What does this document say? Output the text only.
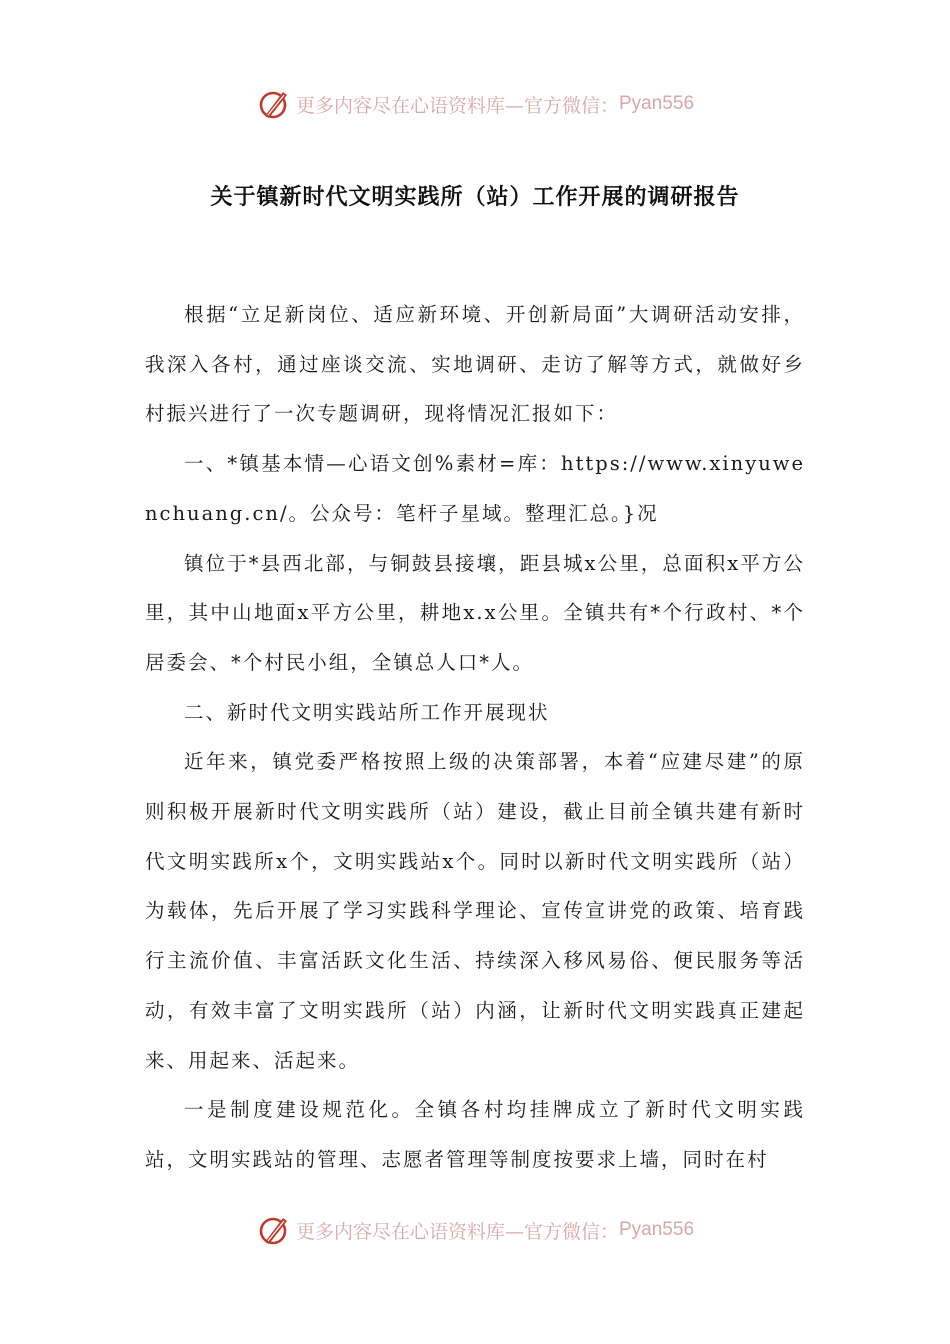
更多内容尽在心语资料库—官方微信： Pyan556
关于镇新时代文明实践所（站）工作开展的调研报告

根据“立足新岗位、适应新环境、开创新局面”大调研活动安排，我深入各村，通过座谈交流、实地调研、走访了解等方式，就做好乡村振兴进行了一次专题调研，现将情况汇报如下：

一、*镇基本情—心语文创%素材=库：https://www.xinyuwenchuang.cn/。公众号：笔杆子星域。整理汇总。}况

镇位于*县西北部，与铜鼓县接壤，距县城x公里，总面积x平方公里，其中山地面x平方公里，耕地x.x公里。全镇共有*个行政村、*个居委会、*个村民小组，全镇总人口*人。

二、新时代文明实践站所工作开展现状

近年来，镇党委严格按照上级的决策部署，本着“应建尽建”的原则积极开展新时代文明实践所（站）建设，截止目前全镇共建有新时代文明实践所x个，文明实践站x个。同时以新时代文明实践所（站）为载体，先后开展了学习实践科学理论、宣传宣讲党的政策、培育践行主流价值、丰富活跃文化生活、持续深入移风易俗、便民服务等活动，有效丰富了文明实践所（站）内涵，让新时代文明实践真正建起来、用起来、活起来。

一是制度建设规范化。全镇各村均挂牌成立了新时代文明实践站，文明实践站的管理、志愿者管理等制度按要求上墙，同时在村

更多内容尽在心语资料库—官方微信： Pyan556
